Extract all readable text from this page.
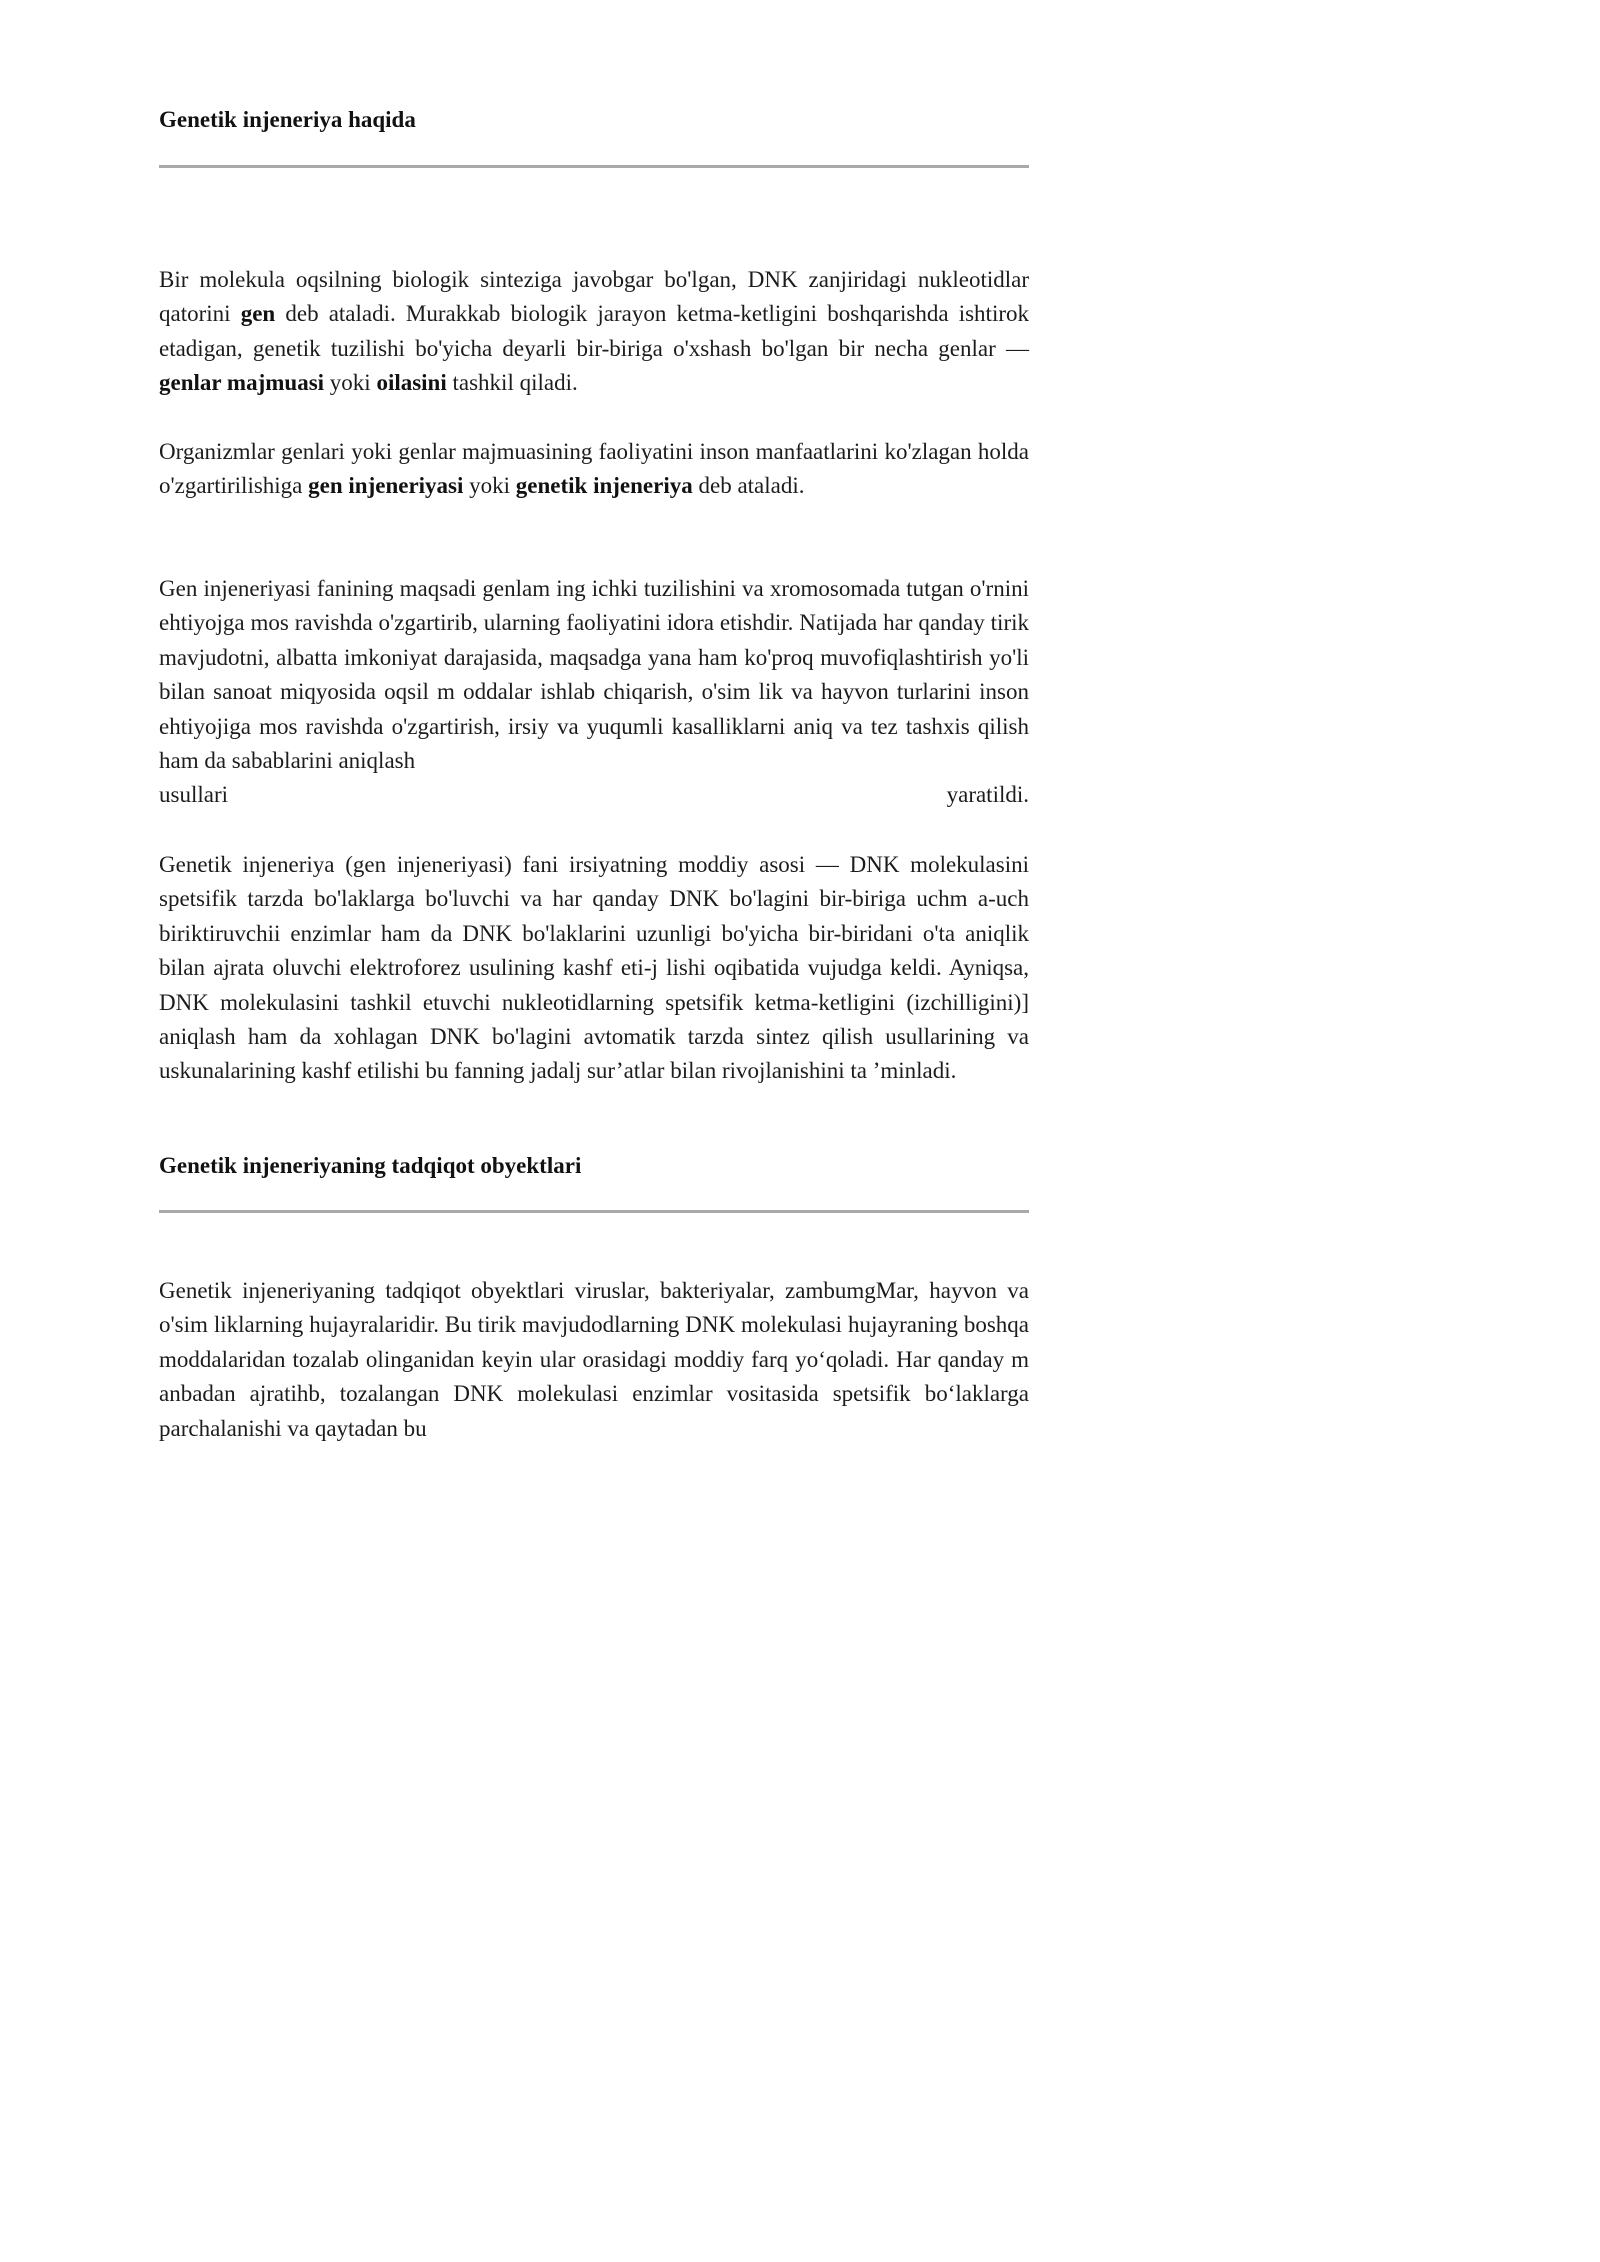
Genetik injeneriya haqida

Bir molekula oqsilning biologik sinteziga javobgar bo'lgan, DNK zanjiridagi nukleotidlar qatorini gen deb ataladi. Murakkab biologik jarayon ketma-ketligini boshqarishda ishtirok etadigan, genetik tuzilishi bo'yicha deyarli bir-biriga o'xshash bo'lgan bir necha genlar — genlar majmuasi yoki oilasini tashkil qiladi.

Organizmlar genlari yoki genlar majmuasining faoliyatini inson manfaatlarini ko'zlagan holda o'zgartirilishiga gen injeneriyasi yoki genetik injeneriya deb ataladi.

Gen injeneriyasi fanining maqsadi genlam ing ichki tuzilishini va xromosomada tutgan o'rnini ehtiyojga mos ravishda o'zgartirib, ularning faoliyatini idora etishdir. Natijada har qanday tirik mavjudotni, albatta imkoniyat darajasida, maqsadga yana ham ko'proq muvofiqlashtirish yo'li bilan sanoat miqyosida oqsil m oddalar ishlab chiqarish, o'sim lik va hayvon turlarini inson ehtiyojiga mos ravishda o'zgartirish, irsiy va yuqumli kasalliklarni aniq va tez tashxis qilish ham da sabablarini aniqlash

usullari	yaratildi.

Genetik injeneriya (gen injeneriyasi) fani irsiyatning moddiy asosi — DNK molekulasini spetsifik tarzda bo'laklarga bo'luvchi va har qanday DNK bo'lagini bir-biriga uchm a-uch biriktiruvchii enzimlar ham da DNK bo'laklarini uzunligi bo'yicha bir-biridani o'ta aniqlik bilan ajrata oluvchi elektroforez usulining kashf eti-j lishi oqibatida vujudga keldi. Ayniqsa, DNK molekulasini tashkil etuvchi nukleotidlarning spetsifik ketma-ketligini (izchilligini)] aniqlash ham da xohlagan DNK bo'lagini avtomatik tarzda sintez qilish usullarining va uskunalarining kashf etilishi bu fanning jadalj sur’atlar bilan rivojlanishini ta ’minladi.

Genetik injeneriyaning tadqiqot obyektlari

Genetik injeneriyaning tadqiqot obyektlari viruslar, bakteriyalar, zambumgMar, hayvon va o'sim liklarning hujayralaridir. Bu tirik mavjudodlarning DNK molekulasi hujayraning boshqa moddalaridan tozalab olinganidan keyin ular orasidagi moddiy farq yo‘qoladi. Har qanday m anbadan ajratihb, tozalangan DNK molekulasi enzimlar vositasida spetsifik bo‘laklarga parchalanishi va qaytadan bu
